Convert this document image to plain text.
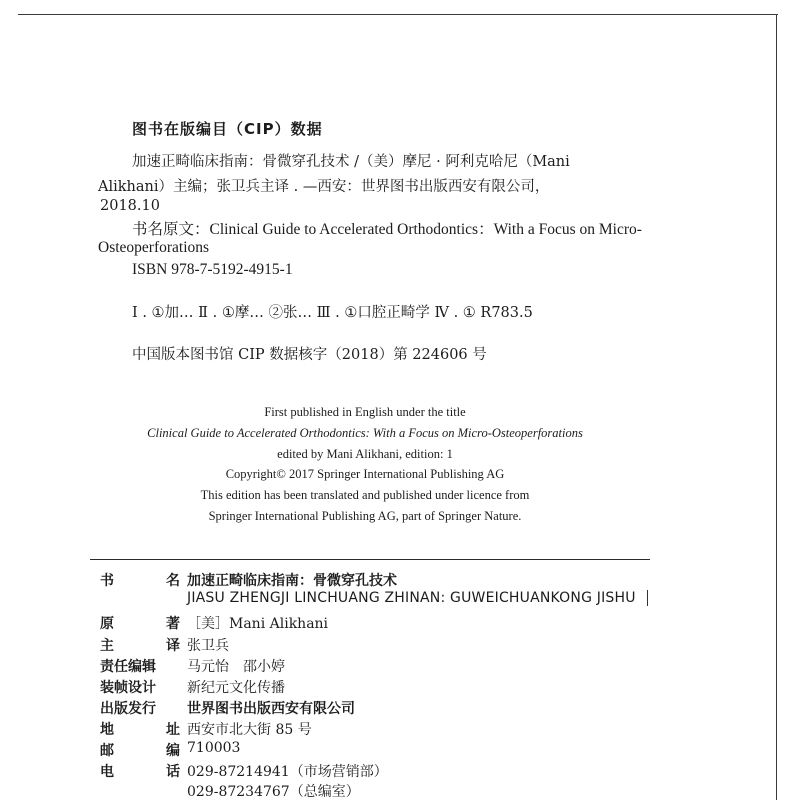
图书在版编目（CIP）数据
加速正畸临床指南：骨微穿孔技术 /（美）摩尼 · 阿利克哈尼（Mani
Alikhani）主编；张卫兵主译 . —西安：世界图书出版西安有限公司，
2018.10
书名原文：Clinical Guide to Accelerated Orthodontics：With a Focus on Micro-
Osteoperforations
ISBN 978-7-5192-4915-1
Ⅰ . ①加… Ⅱ . ①摩… ②张… Ⅲ . ①口腔正畸学 Ⅳ . ① R783.5
中国版本图书馆 CIP 数据核字（2018）第 224606 号
First published in English under the title
Clinical Guide to Accelerated Orthodontics: With a Focus on Micro-Osteoperforations
edited by Mani Alikhani, edition: 1
Copyright© 2017 Springer International Publishing AG
This edition has been translated and published under licence from
Springer International Publishing AG, part of Springer Nature.
书	名 加速正畸临床指南：骨微穿孔技术
JIASU ZHENGJI LINCHUANG ZHINAN: GUWEICHUANKONG JISHU
原	著 ［美］Mani Alikhani
主	译 张卫兵
责任编辑	马元怡　邵小婷
装帧设计	新纪元文化传播
出版发行	世界图书出版西安有限公司
地	址 西安市北大街 85 号
邮	编 710003
电	话 029-87214941（市场营销部）
029-87234767（总编室）
